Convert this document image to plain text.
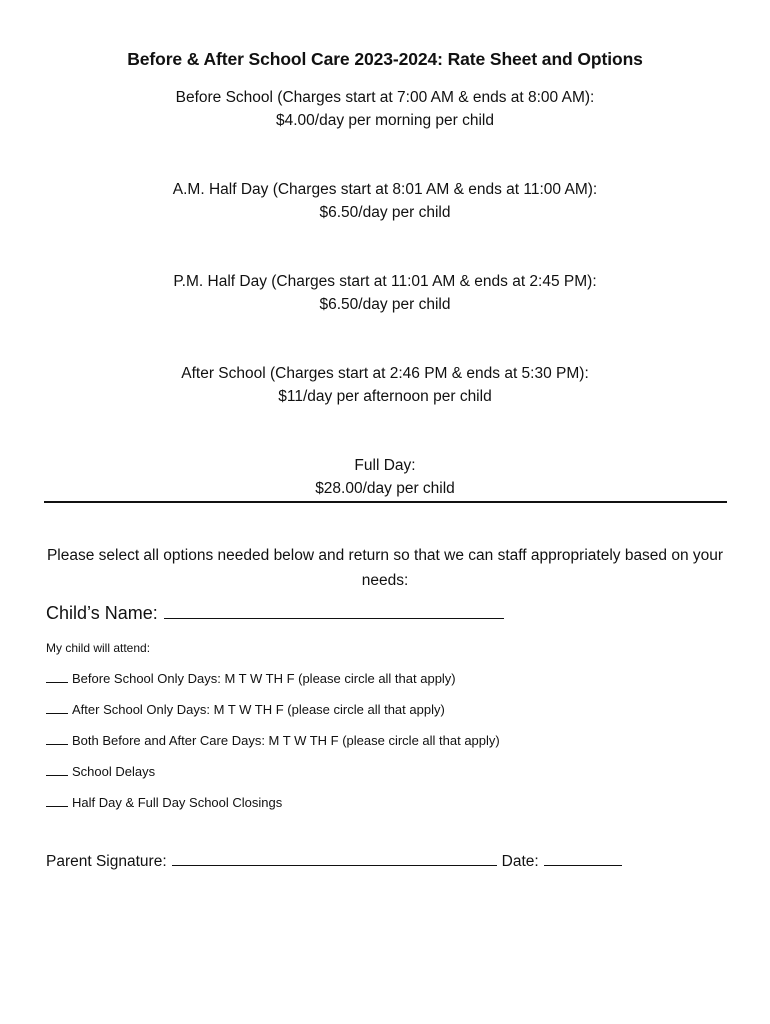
Before & After School Care 2023-2024: Rate Sheet and Options
Before School (Charges start at 7:00 AM & ends at 8:00 AM):
$4.00/day per morning per child
A.M. Half Day (Charges start at 8:01 AM & ends at 11:00 AM):
$6.50/day per child
P.M. Half Day (Charges start at 11:01 AM & ends at 2:45 PM):
$6.50/day per child
After School (Charges start at 2:46 PM & ends at 5:30 PM):
$11/day per afternoon per child
Full Day:
$28.00/day per child
Please select all options needed below and return so that we can staff appropriately based on your needs:
Child’s Name:
My child will attend:
Before School Only Days: M T W TH F (please circle all that apply)
After School Only Days: M T W TH F (please circle all that apply)
Both Before and After Care Days: M T W TH F (please circle all that apply)
School Delays
Half Day & Full Day School Closings
Parent Signature:	Date:
